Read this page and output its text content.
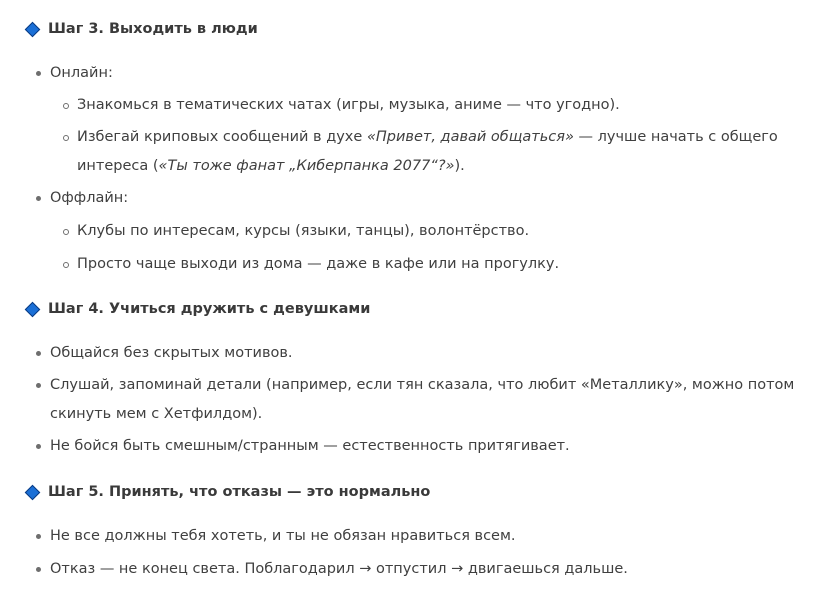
Шаг 3. Выходить в люди
Онлайн:
Знакомься в тематических чатах (игры, музыка, аниме — что угодно).
Избегай криповых сообщений в духе «Привет, давай общаться» — лучше начать с общего
интереса («Ты тоже фанат „Киберпанка 2077“?»).
Оффлайн:
Клубы по интересам, курсы (языки, танцы), волонтёрство.
Просто чаще выходи из дома — даже в кафе или на прогулку.
Шаг 4. Учиться дружить с девушками
Общайся без скрытых мотивов.
Слушай, запоминай детали (например, если тян сказала, что любит «Металлику», можно потом
скинуть мем с Хетфилдом).
Не бойся быть смешным/странным — естественность притягивает.
Шаг 5. Принять, что отказы — это нормально
Не все должны тебя хотеть, и ты не обязан нравиться всем.
Отказ — не конец света. Поблагодарил → отпустил → двигаешься дальше.
